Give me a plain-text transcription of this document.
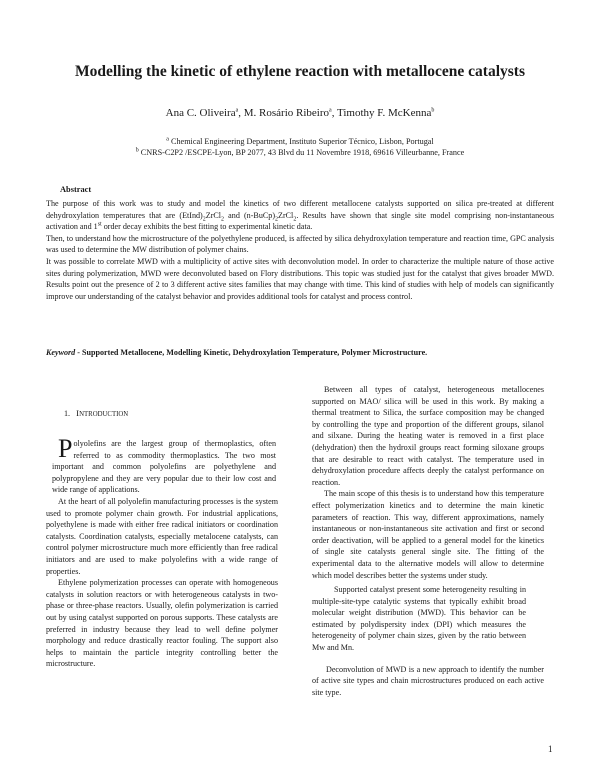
Modelling the kinetic of ethylene reaction with metallocene catalysts
Ana C. Oliveira$^a$, M. Rosário Ribeiro$^a$, Timothy F. McKenna$^b$
$^a$ Chemical Engineering Department, Instituto Superior Técnico, Lisbon, Portugal
$^b$ CNRS-C2P2 /ESCPE-Lyon, BP 2077, 43 Blvd du 11 Novembre 1918, 69616 Villeurbanne, France
Abstract

The purpose of this work was to study and model the kinetics of two different metallocene catalysts supported on silica pre-treated at different dehydroxylation temperatures that are $(EtInd)_2ZrCl_2$ and $(n-BuCp)_2ZrCl_2$. Results have shown that single site model comprising non-instantaneous activation and 1st order decay exhibits the best fitting to experimental kinetic data.

Then, to understand how the microstructure of the polyethylene produced, is affected by silica dehydroxylation temperature and reaction time, GPC analysis was used to determine the MW distribution of polymer chains.

It was possible to correlate MWD with a multiplicity of active sites with deconvolution model. In order to characterize the multiple nature of those active sites during polymerization, MWD were deconvoluted based on Flory distributions. This topic was studied just for the catalyst that gives broader MWD. Results point out the presence of 2 to 3 different active sites families that may change with time. This kind of studies with help of models can significantly improve our understanding of the catalyst behavior and provides additional tools for catalyst and process control.

Keyword - Supported Metallocene, Modelling Kinetic, Dehydroxylation Temperature, Polymer Microstructure.
1. INTRODUCTION

Polyolefins are the largest group of thermoplastics, often referred to as commodity thermoplastics. The two most important and common polyolefins are polyethylene and polypropylene and they are very popular due to their low cost and wide range of applications.

At the heart of all polyolefin manufacturing processes is the system used to promote polymer chain growth. For industrial applications, polyethylene is made with either free radical initiators or coordination catalysts. Coordination catalysts, especially metalocene catalysts, can control polymer microstructure much more efficiently than free radical initiators and are used to make polyolefins with a wide range of properties.

Ethylene polymerization processes can operate with homogeneous catalysts in solution reactors or with heterogeneous catalysts in two-phase or three-phase reactors. Usually, olefin polymerization is carried out by using catalyst supported on porous supports. These catalysts are preferred in industry because they lead to well define polymer morphology and reduce drastically reactor fouling. The support also helps to maintain the particle integrity controlling better the microstructure.

Between all types of catalyst, heterogeneous metallocenes supported on MAO/ silica will be used in this work. By making a thermal treatment to Silica, the surface composition may be changed by controlling the type and proportion of the different groups, silanol and silxane. During the heating water is removed in a first place (dehydration) then the hydroxil groups react forming siloxane groups that are desirable to react with catalyst. The temperature used in dehydroxylation procedure affects deeply the catalyst performance on reaction.

The main scope of this thesis is to understand how this temperature effect polymerization kinetics and to determine the main kinetic parameters of reaction. This way, different approximations, namely instantaneous or non-instantaneous site activation and first or second order deactivation, will be applied to a general model for the kinetics of single site catalysts general single site. The fitting of the experimental data to the alternative models will allow to determine which model describes better the systems under study.

Supported catalyst present some heterogeneity resulting in multiple-site-type catalytic systems that typically exhibit broad molecular weight distribution (MWD). This behavior can be estimated by polydispersity index (DPI) which measures the heterogeneity of polymer chain sizes, given by the ratio between Mw and Mn.

Deconvolution of MWD is a new approach to identify the number of active site types and chain microstructures produced on each active site type.

1
